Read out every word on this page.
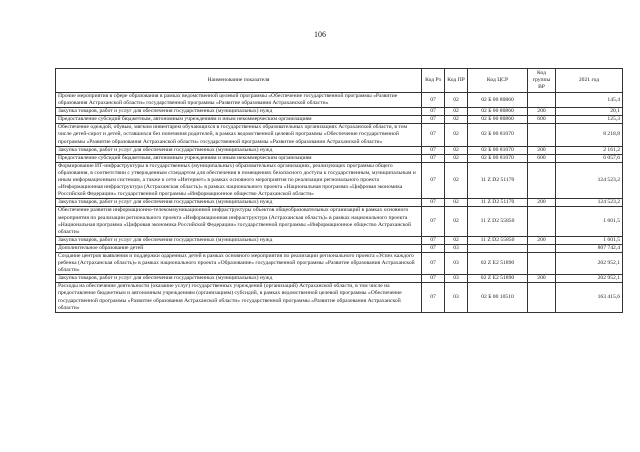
106
Наименование показателя	Код Рз	Код ПР	Код ЦСР	Код группы ВР	2021 год
Прочие мероприятия в сфере образования в рамках ведомственной целевой программы «Обеспечение государственной программы «Развитие образования Астраханской области» государственной программы «Развитие образования Астраханской области»	07	02	02 Б 00 80860		145,4
Закупка товаров, работ и услуг для обеспечения государственных (муниципальных) нужд	07	02	02 Б 00 80860	200	20,1
Предоставление субсидий бюджетным, автономным учреждениям и иным некоммерческим организациям	07	02	02 Б 00 80860	600	125,3
Обеспечение одеждой, обувью, мягким инвентарем обучающихся в государственных образовательных организациях Астраханской области, в том числе детей-сирот и детей, оставшихся без попечения родителей, в рамках ведомственной целевой программы «Обеспечение государственной программы «Развитие образования Астраханской области» государственной программы «Развитие образования Астраханской области»	07	02	02 Б 00 81070		8 218,8
Закупка товаров, работ и услуг для обеспечения государственных (муниципальных) нужд	07	02	02 Б 00 81070	200	2 161,2
Предоставление субсидий бюджетным, автономным учреждениям и иным некоммерческим организациям	07	02	02 Б 00 81070	600	6 057,6
Формирование ИТ-инфраструктуры в государственных (муниципальных) образовательных организациях, реализующих программы общего образования, в соответствии с утвержденным стандартом для обеспечения в помещениях безопасного доступа к государственным, муниципальным и иным информационным системам, а также к сети «Интернет» в рамках основного мероприятия по реализации регионального проекта «Информационная инфраструктура (Астраханская область)» в рамках национального проекта «Национальная программа «Цифровая экономика Российской Федерации» государственной программы «Информационное общество Астраханской области»	07	02	11 Z D2 51170		124 523,2
Закупка товаров, работ и услуг для обеспечения государственных (муниципальных) нужд	07	02	11 Z D2 51170	200	124 523,2
Обеспечение развития информационно-телекоммуникационной инфраструктуры объектов общеобразовательных организаций в рамках основного мероприятия по реализации регионального проекта «Информационная инфраструктура (Астраханская область)» в рамках национального проекта «Национальная программа «Цифровая экономика Российской Федерации» государственной программы «Информационное общество Астраханской области»	07	02	11 Z D2 55850		1 601,5
Закупка товаров, работ и услуг для обеспечения государственных (муниципальных) нужд	07	02	11 Z D2 55850	200	1 601,5
Дополнительное образование детей	07	03			807 742,4
Создание центров выявления и поддержки одаренных детей в рамках основного мероприятия по реализации регионального проекта «Успех каждого ребенка (Астраханская область)» в рамках национального проекта «Образование» государственной программы «Развитие образования Астраханской области»	07	03	02 Z E2 51890		202 952,1
Закупка товаров, работ и услуг для обеспечения государственных (муниципальных) нужд	07	03	02 Z E2 51890	200	202 952,1
Расходы на обеспечение деятельности (оказание услуг) государственных учреждений (организаций) Астраханской области, в том числе на предоставление бюджетным и автономным учреждениям (организациям) субсидий, в рамках ведомственной целевой программы «Обеспечение государственной программы «Развитие образования Астраханской области» государственной программы «Развитие образования Астраханской области»	07	03	02 Б 00 10510		163 415,6
